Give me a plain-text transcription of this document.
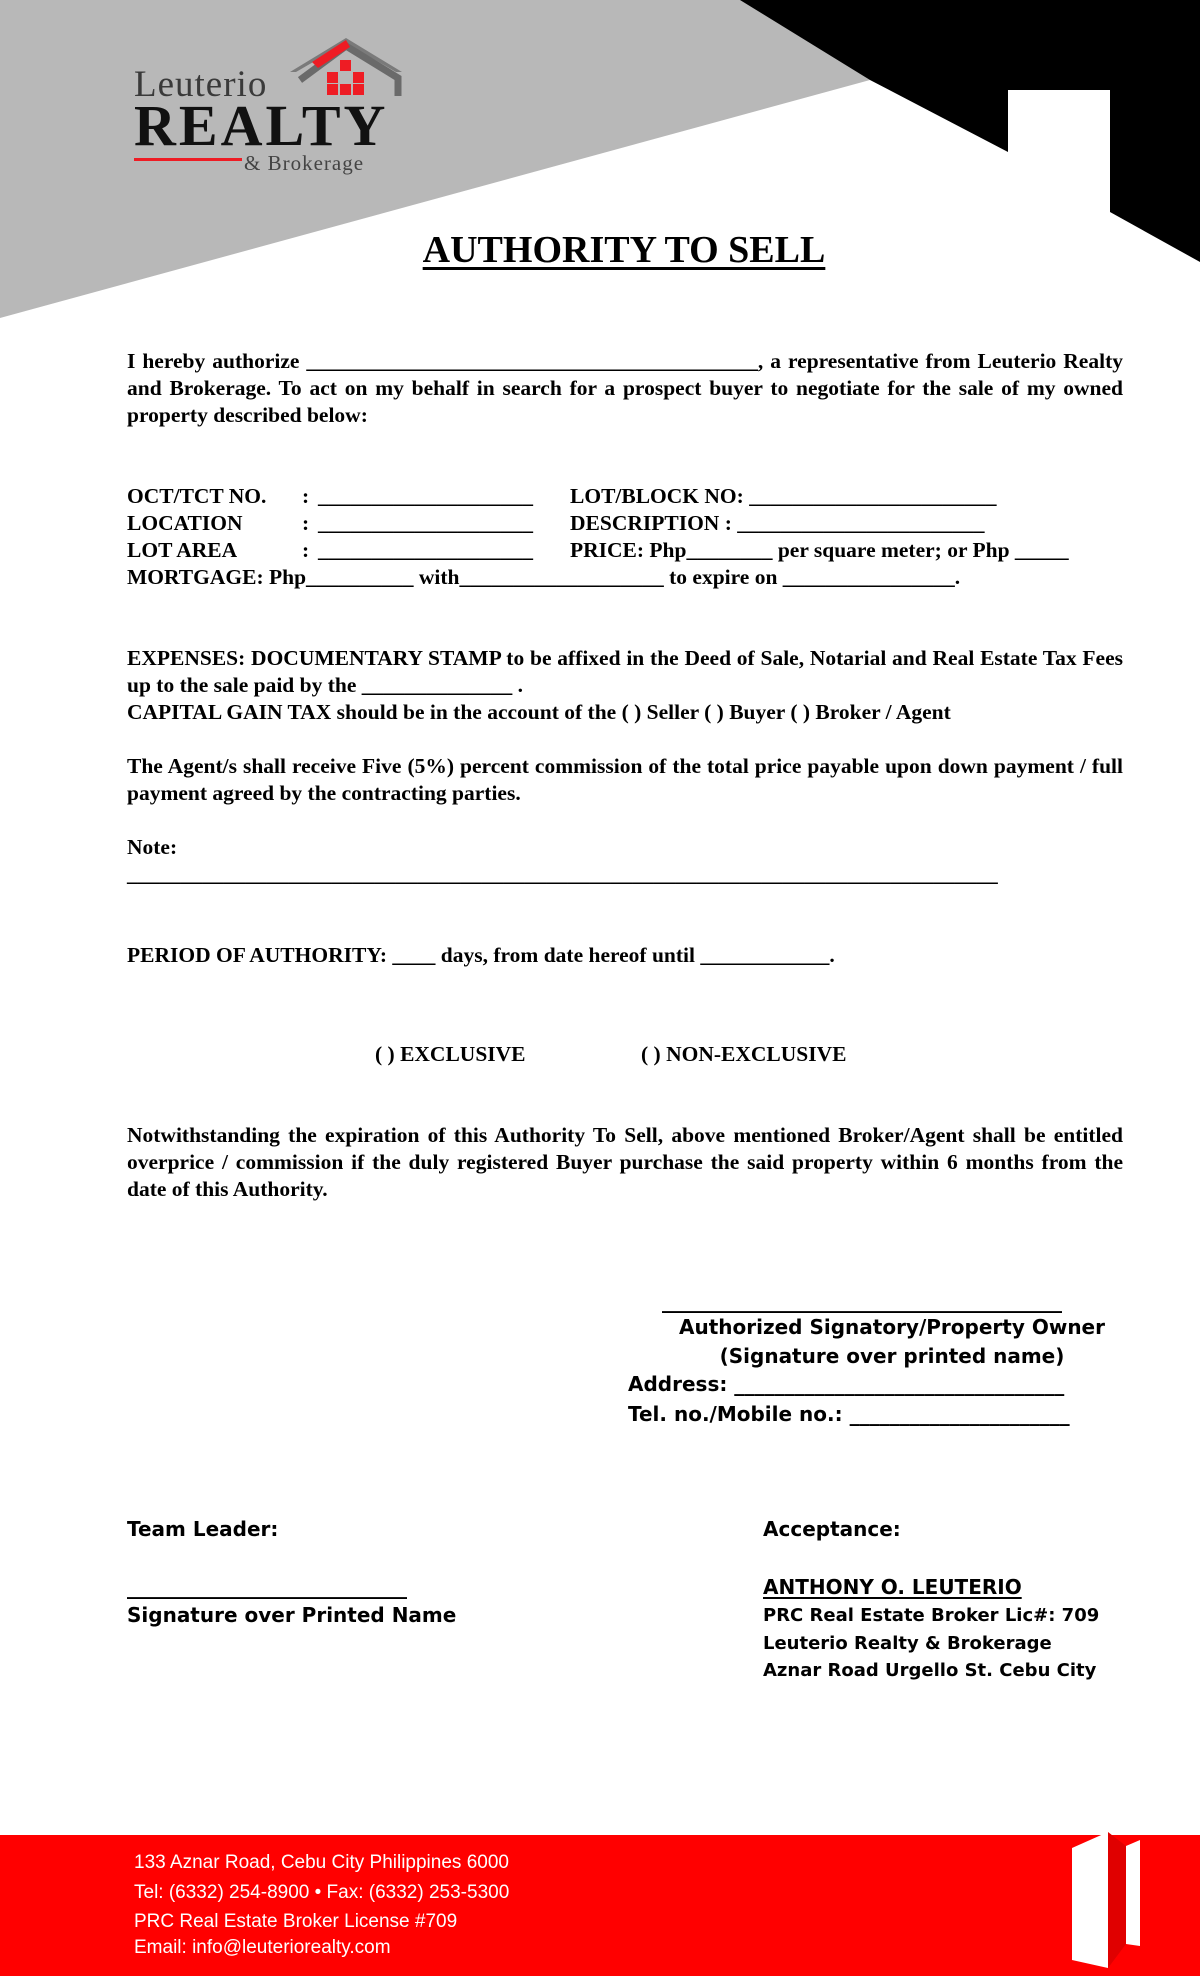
Leuterio
REALTY
& Brokerage
AUTHORITY TO SELL
I hereby authorize __________________________________________, a representative from Leuterio Realty and Brokerage. To act on my behalf in search for a prospect buyer to negotiate for the sale of my owned property described below:
OCT/TCT NO. : ____________________ LOT/BLOCK NO: _______________________
LOCATION	: ____________________ DESCRIPTION : _______________________
LOT AREA	: ____________________ PRICE: Php________ per square meter; or Php _____
MORTGAGE: Php__________ with___________________ to expire on ________________.
EXPENSES: DOCUMENTARY STAMP to be affixed in the Deed of Sale, Notarial and Real Estate Tax Fees up to the sale paid by the ______________ .
CAPITAL GAIN TAX should be in the account of the ( ) Seller ( ) Buyer ( ) Broker / Agent
The Agent/s shall receive Five (5%) percent commission of the total price payable upon down payment / full payment agreed by the contracting parties.
Note:
_________________________________________________________________________________
PERIOD OF AUTHORITY: ____ days, from date hereof until ____________.
( ) EXCLUSIVE	( ) NON-EXCLUSIVE
Notwithstanding the expiration of this Authority To Sell, above mentioned Broker/Agent shall be entitled overprice / commission if the duly registered Buyer purchase the said property within 6 months from the date of this Authority.
________________________________________
Authorized Signatory/Property Owner
(Signature over printed name)
Address: _________________________________
Tel. no./Mobile no.: ______________________
Team Leader:
____________________________
Signature over Printed Name
Acceptance:
ANTHONY O. LEUTERIO
PRC Real Estate Broker Lic#: 709
Leuterio Realty & Brokerage
Aznar Road Urgello St. Cebu City
133 Aznar Road, Cebu City Philippines 6000
Tel: (6332) 254-8900 • Fax: (6332) 253-5300
PRC Real Estate Broker License #709
Email: info@leuteriorealty.com
